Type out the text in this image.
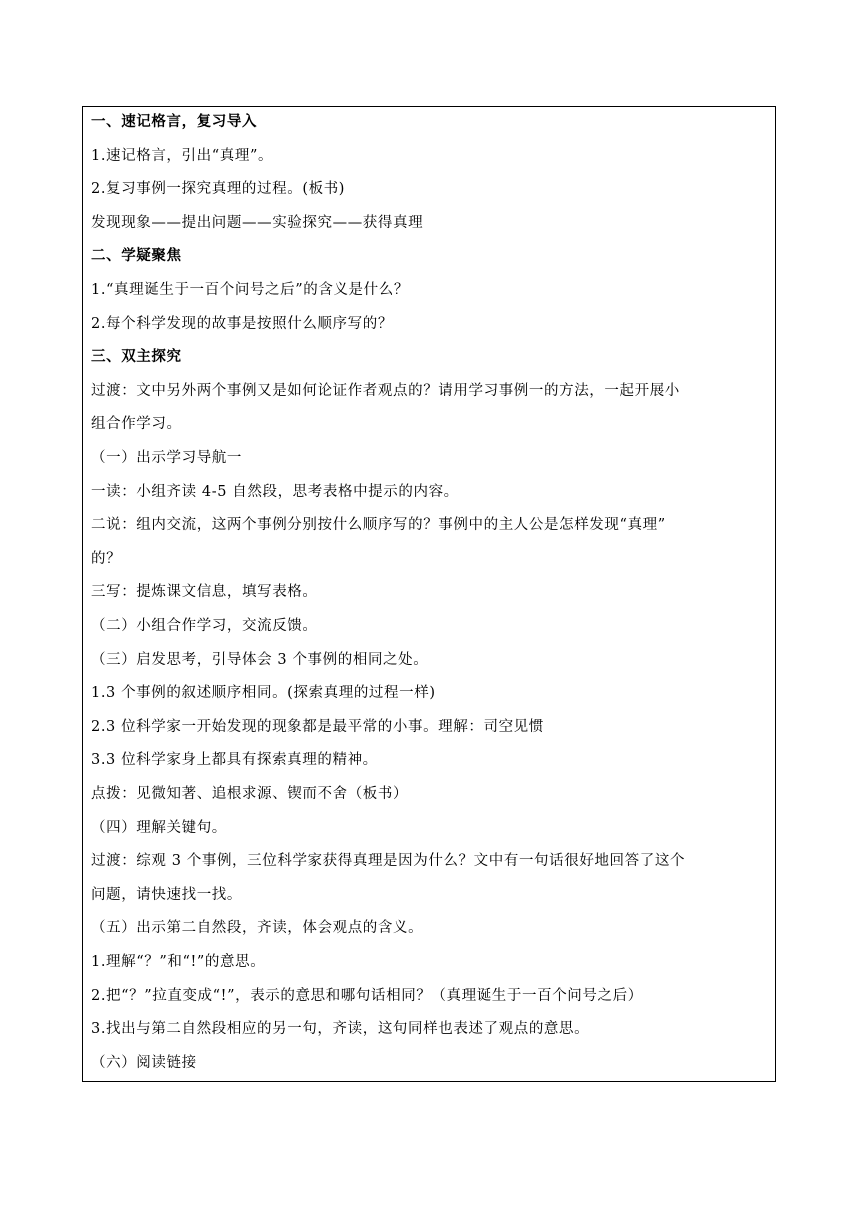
一、速记格言，复习导入
1.速记格言，引出“真理”。
2.复习事例一探究真理的过程。(板书)
发现现象——提出问题——实验探究——获得真理
二、学疑聚焦
1.“真理诞生于一百个问号之后”的含义是什么？
2.每个科学发现的故事是按照什么顺序写的？
三、双主探究
过渡：文中另外两个事例又是如何论证作者观点的？请用学习事例一的方法，一起开展小
组合作学习。
（一）出示学习导航一
一读：小组齐读 4-5 自然段，思考表格中提示的内容。
二说：组内交流，这两个事例分别按什么顺序写的？事例中的主人公是怎样发现“真理”
的？
三写：提炼课文信息，填写表格。
（二）小组合作学习，交流反馈。
（三）启发思考，引导体会 3 个事例的相同之处。
1.3 个事例的叙述顺序相同。(探索真理的过程一样)
2.3 位科学家一开始发现的现象都是最平常的小事。理解：司空见惯
3.3 位科学家身上都具有探索真理的精神。
点拨：见微知著、追根求源、锲而不舍（板书）
（四）理解关键句。
过渡：综观 3 个事例，三位科学家获得真理是因为什么？文中有一句话很好地回答了这个
问题，请快速找一找。
（五）出示第二自然段，齐读，体会观点的含义。
1.理解“？”和“!”的意思。
2.把“？”拉直变成“!”，表示的意思和哪句话相同？（真理诞生于一百个问号之后）
3.找出与第二自然段相应的另一句，齐读，这句同样也表述了观点的意思。
（六）阅读链接
